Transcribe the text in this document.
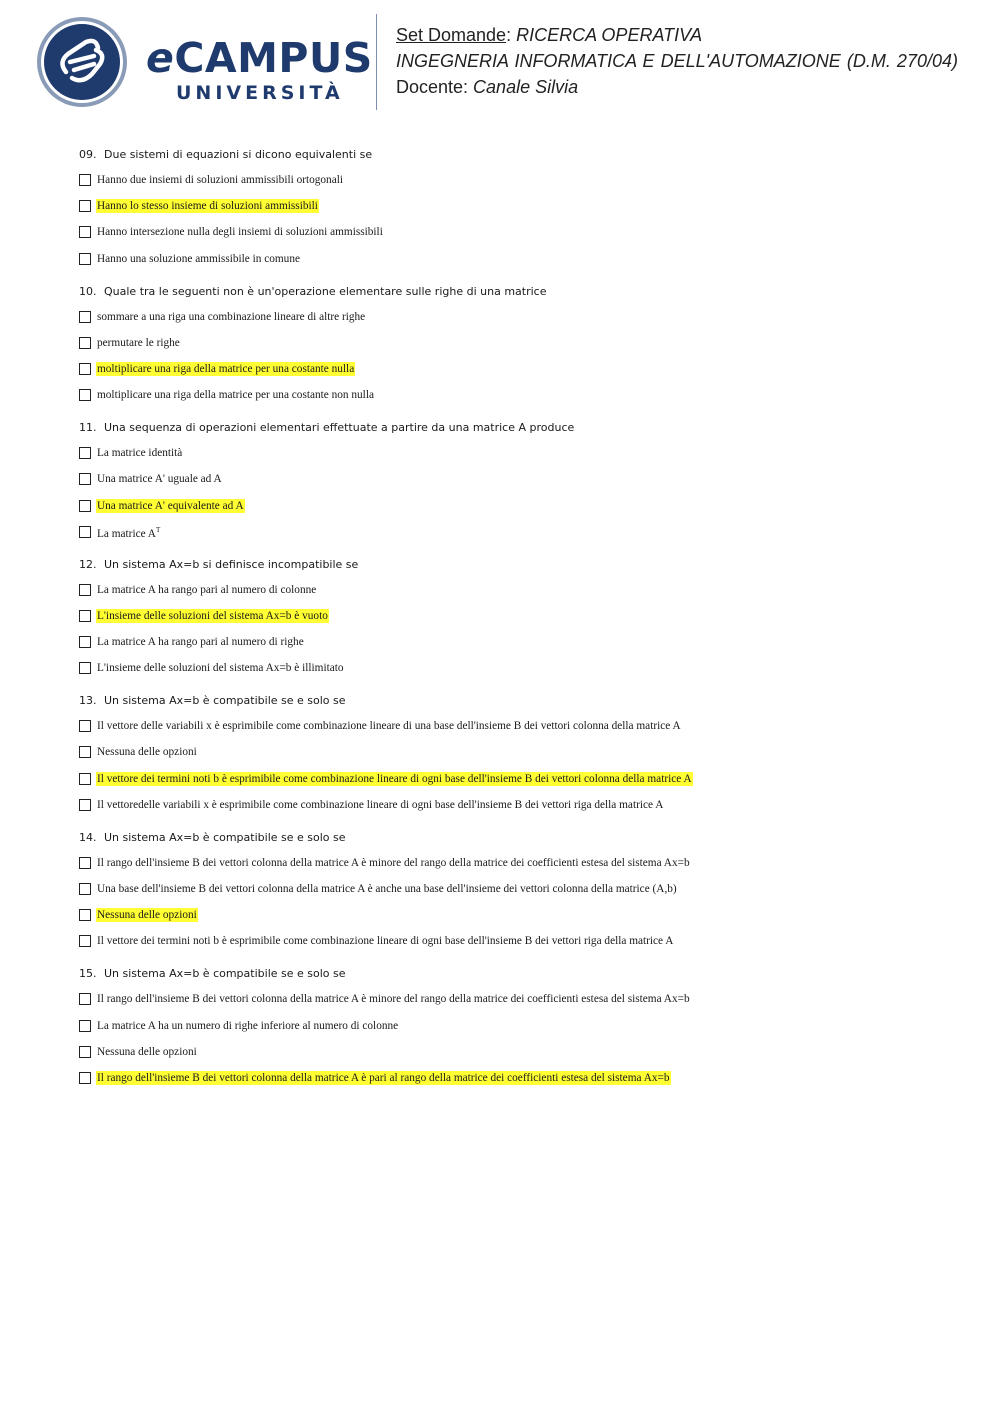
eCAMPUS
UNIVERSITÀ
Set Domande: RICERCA OPERATIVA
INGEGNERIA INFORMATICA E DELL'AUTOMAZIONE (D.M. 270/04)
Docente: Canale Silvia
09. Due sistemi di equazioni si dicono equivalenti se
Hanno due insiemi di soluzioni ammissibili ortogonali
Hanno lo stesso insieme di soluzioni ammissibili
Hanno intersezione nulla degli insiemi di soluzioni ammissibili
Hanno una soluzione ammissibile in comune
10. Quale tra le seguenti non è un'operazione elementare sulle righe di una matrice
sommare a una riga una combinazione lineare di altre righe
permutare le righe
moltiplicare una riga della matrice per una costante nulla
moltiplicare una riga della matrice per una costante non nulla
11. Una sequenza di operazioni elementari effettuate a partire da una matrice A produce
La matrice identità
Una matrice A' uguale ad A
Una matrice A' equivalente ad A
La matrice $A^T$
12. Un sistema Ax=b si definisce incompatibile se
La matrice A ha rango pari al numero di colonne
L'insieme delle soluzioni del sistema Ax=b è vuoto
La matrice A ha rango pari al numero di righe
L'insieme delle soluzioni del sistema Ax=b è illimitato
13. Un sistema Ax=b è compatibile se e solo se
Il vettore delle variabili x è esprimibile come combinazione lineare di una base dell'insieme B dei vettori colonna della matrice A
Nessuna delle opzioni
Il vettore dei termini noti b è esprimibile come combinazione lineare di ogni base dell'insieme B dei vettori colonna della matrice A
Il vettoredelle variabili x è esprimibile come combinazione lineare di ogni base dell'insieme B dei vettori riga della matrice A
14. Un sistema Ax=b è compatibile se e solo se
Il rango dell'insieme B dei vettori colonna della matrice A è minore del rango della matrice dei coefficienti estesa del sistema Ax=b
Una base dell'insieme B dei vettori colonna della matrice A è anche una base dell'insieme dei vettori colonna della matrice (A,b)
Nessuna delle opzioni
Il vettore dei termini noti b è esprimibile come combinazione lineare di ogni base dell'insieme B dei vettori riga della matrice A
15. Un sistema Ax=b è compatibile se e solo se
Il rango dell'insieme B dei vettori colonna della matrice A è minore del rango della matrice dei coefficienti estesa del sistema Ax=b
La matrice A ha un numero di righe inferiore al numero di colonne
Nessuna delle opzioni
Il rango dell'insieme B dei vettori colonna della matrice A è pari al rango della matrice dei coefficienti estesa del sistema Ax=b
